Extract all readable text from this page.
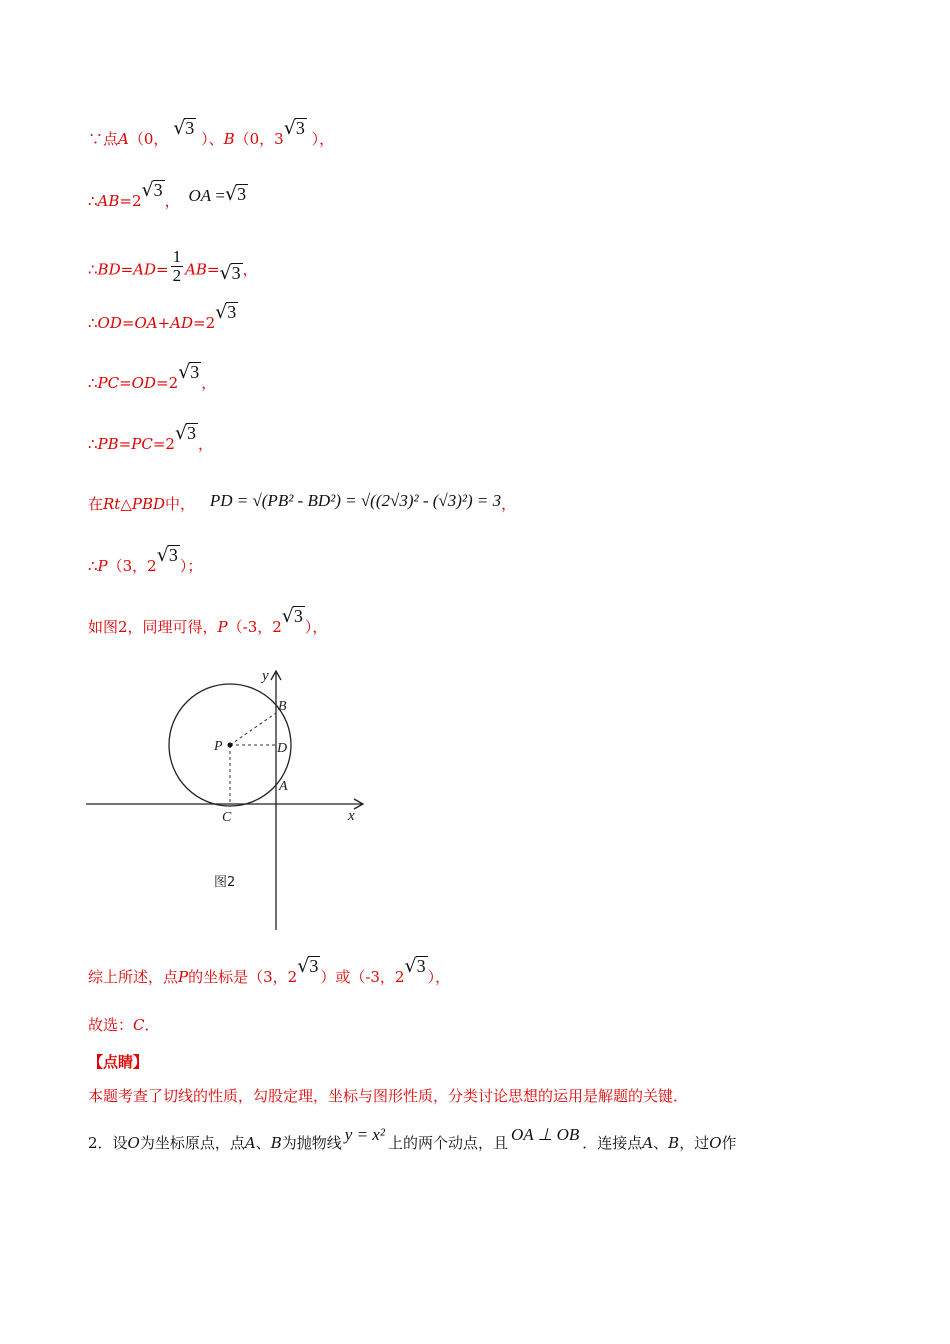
∵点A（0， √3 ）、B（0，3√3 ），
∴AB=2√3， OA =√3
∴BD=AD= $\frac{1}{2} AB=√3$ ，
∴OD=OA+AD=2√3
∴PC=OD=2√3，
∴PB=PC=2√3，
在Rt△PBD中， PD = √(PB² - BD²) = √((2√3)² - (√3)²) = 3，
∴P（3，2√3）；
如图2，同理可得，P（-3，2√3），
y
x
B
P	D
A
C
图2
综上所述，点P的坐标是（3，2√3）或（-3，2√3），
故选：C．
【点睛】
本题考查了切线的性质，勾股定理，坐标与图形性质，分类讨论思想的运用是解题的关键．
2．设O为坐标原点，点A、B为抛物线 y = x² 上的两个动点，且 OA ⊥ OB ．连接点A、B，过O作
